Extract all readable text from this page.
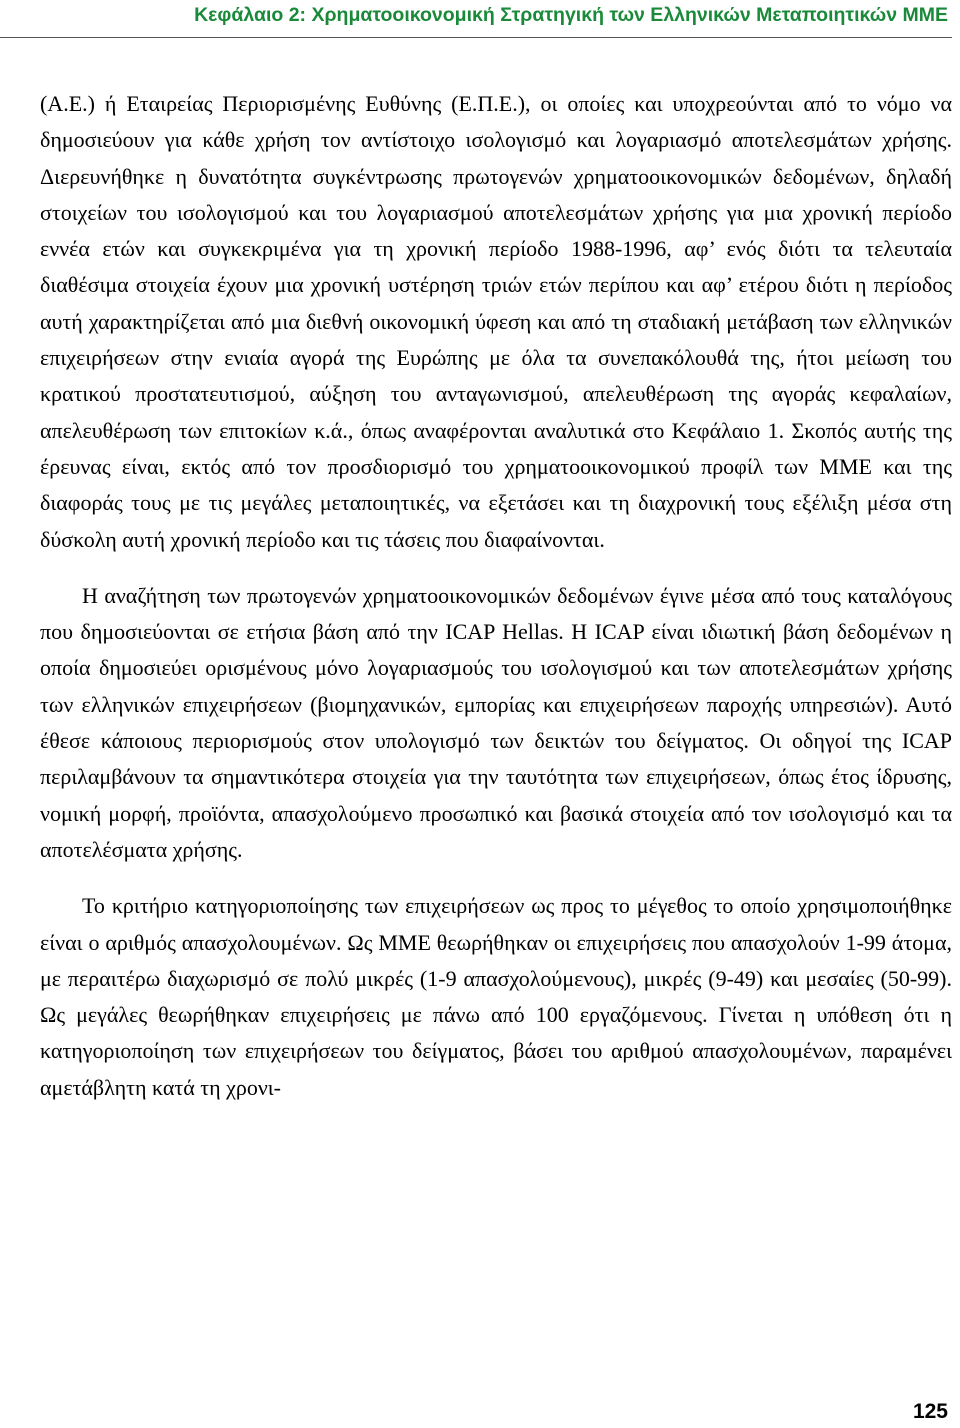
Κεφάλαιο 2: Χρηματοοικονομική Στρατηγική των Ελληνικών Μεταποιητικών ΜΜΕ

(Α.Ε.) ή Εταιρείας Περιορισμένης Ευθύνης (Ε.Π.Ε.), οι οποίες και υποχρεούνται από το νόμο να δημοσιεύουν για κάθε χρήση τον αντίστοιχο ισολογισμό και λογαριασμό αποτελεσμάτων χρήσης. Διερευνήθηκε η δυνατότητα συγκέντρωσης πρωτογενών χρηματοοικονομικών δεδομένων, δηλαδή στοιχείων του ισολογισμού και του λογαριασμού αποτελεσμάτων χρήσης για μια χρονική περίοδο εννέα ετών και συγκεκριμένα για τη χρονική περίοδο 1988-1996, αφ’ ενός διότι τα τελευταία διαθέσιμα στοιχεία έχουν μια χρονική υστέρηση τριών ετών περίπου και αφ’ ετέρου διότι η περίοδος αυτή χαρακτηρίζεται από μια διεθνή οικονομική ύφεση και από τη σταδιακή μετάβαση των ελληνικών επιχειρήσεων στην ενιαία αγορά της Ευρώπης με όλα τα συνεπακόλουθά της, ήτοι μείωση του κρατικού προστατευτισμού, αύξηση του ανταγωνισμού, απελευθέρωση της αγοράς κεφαλαίων, απελευθέρωση των επιτοκίων κ.ά., όπως αναφέρονται αναλυτικά στο Κεφάλαιο 1. Σκοπός αυτής της έρευνας είναι, εκτός από τον προσδιορισμό του χρηματοοικονομικού προφίλ των ΜΜΕ και της διαφοράς τους με τις μεγάλες μεταποιητικές, να εξετάσει και τη διαχρονική τους εξέλιξη μέσα στη δύσκολη αυτή χρονική περίοδο και τις τάσεις που διαφαίνονται.

Η αναζήτηση των πρωτογενών χρηματοοικονομικών δεδομένων έγινε μέσα από τους καταλόγους που δημοσιεύονται σε ετήσια βάση από την ICAP Hellas. Η ICAP είναι ιδιωτική βάση δεδομένων η οποία δημοσιεύει ορισμένους μόνο λογαριασμούς του ισολογισμού και των αποτελεσμάτων χρήσης των ελληνικών επιχειρήσεων (βιομηχανικών, εμπορίας και επιχειρήσεων παροχής υπηρεσιών). Αυτό έθεσε κάποιους περιορισμούς στον υπολογισμό των δεικτών του δείγματος. Οι οδηγοί της ICAP περιλαμβάνουν τα σημαντικότερα στοιχεία για την ταυτότητα των επιχειρήσεων, όπως έτος ίδρυσης, νομική μορφή, προϊόντα, απασχολούμενο προσωπικό και βασικά στοιχεία από τον ισολογισμό και τα αποτελέσματα χρήσης.

Το κριτήριο κατηγοριοποίησης των επιχειρήσεων ως προς το μέγεθος το οποίο χρησιμοποιήθηκε είναι ο αριθμός απασχολουμένων. Ως ΜΜΕ θεωρήθηκαν οι επιχειρήσεις που απασχολούν 1-99 άτομα, με περαιτέρω διαχωρισμό σε πολύ μικρές (1-9 απασχολούμενους), μικρές (9-49) και μεσαίες (50-99). Ως μεγάλες θεωρήθηκαν επιχειρήσεις με πάνω από 100 εργαζόμενους. Γίνεται η υπόθεση ότι η κατηγοριοποίηση των επιχειρήσεων του δείγματος, βάσει του αριθμού απασχολουμένων, παραμένει αμετάβλητη κατά τη χρονι-

125
